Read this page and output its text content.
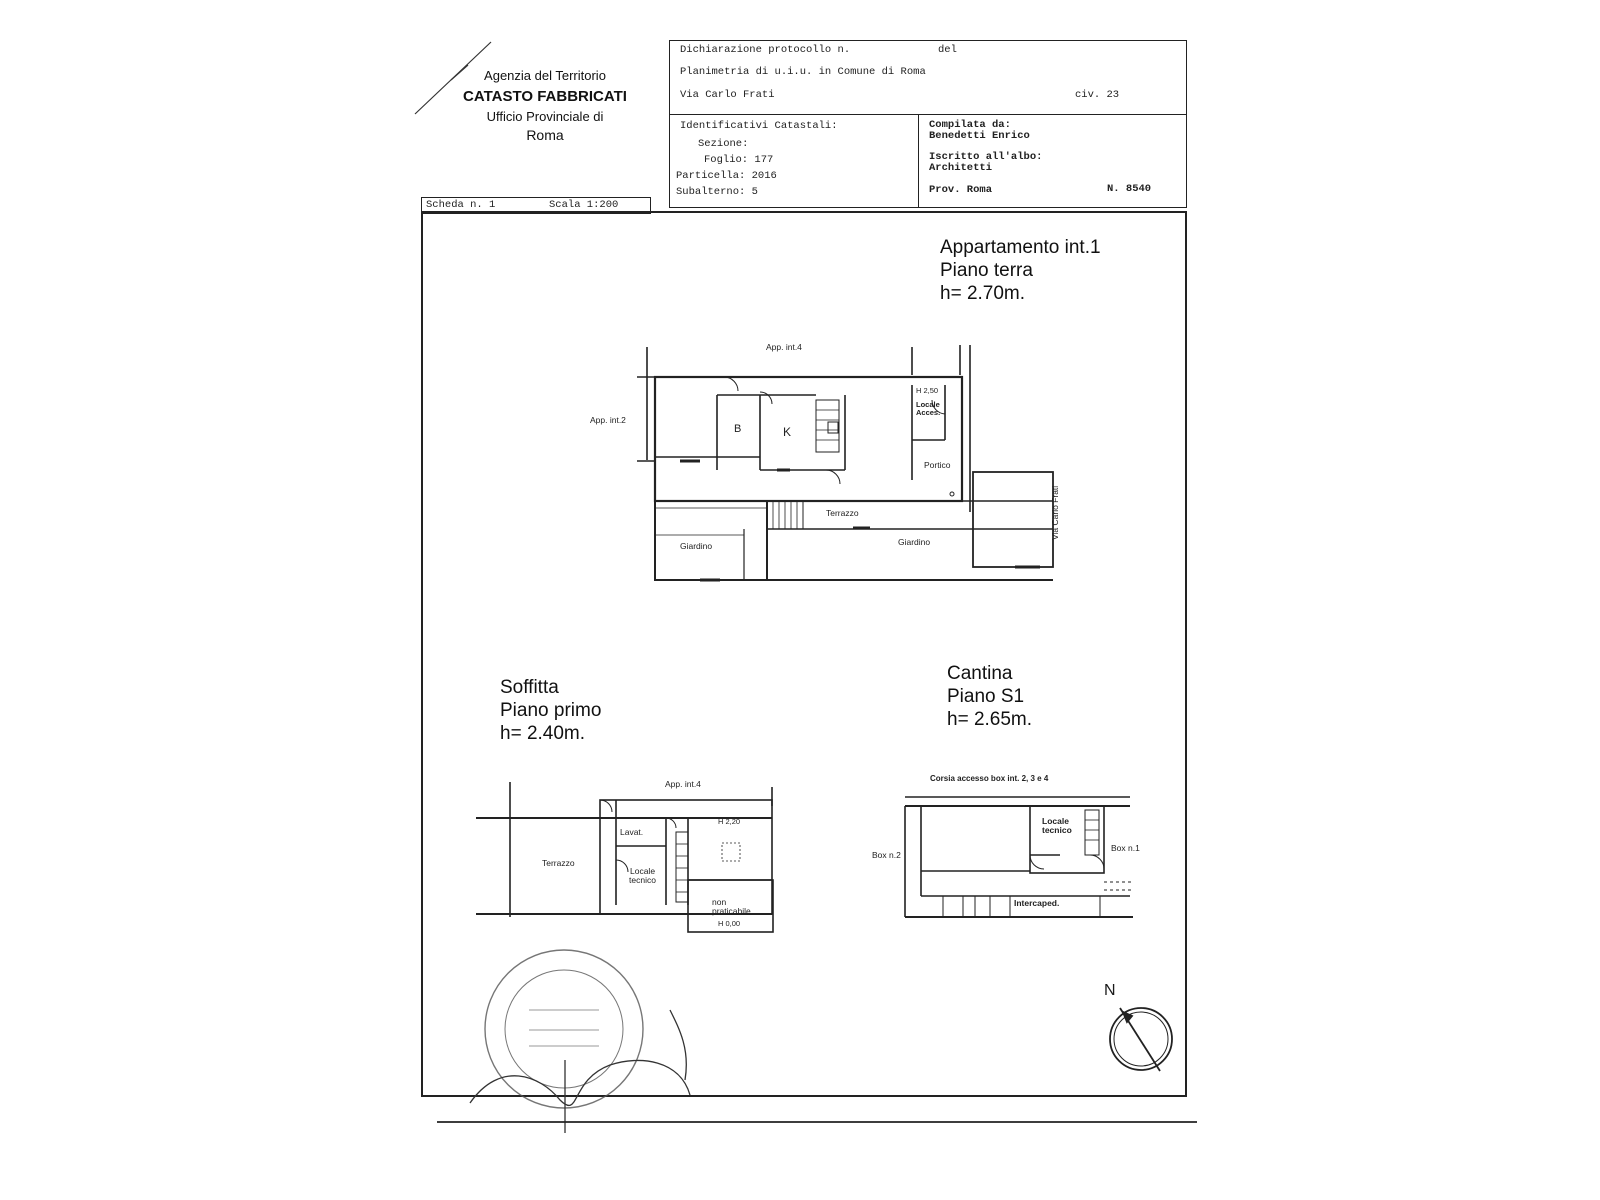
Agenzia del Territorio
CATASTO FABBRICATI
Ufficio Provinciale di
Roma
Dichiarazione protocollo n.	del
Planimetria di u.i.u. in Comune di Roma
Via Carlo Frati	civ. 23
Identificativi Catastali:
Sezione:
Foglio: 177
Particella: 2016
Subalterno: 5
Compilata da:
Benedetti Enrico
Iscritto all'albo:
Architetti
Prov. Roma	N. 8540
Scheda n. 1	Scala 1:200
Appartamento int.1
Piano terra
h= 2.70m.
Soffitta
Piano primo
h= 2.40m.
Cantina
Piano S1
h= 2.65m.
App. int.4
App. int.2
B	K
H 2,50
Locale
Acces.
Portico
Terrazzo
Giardino	Giardino
Via Carlo Frati
App. int.4
Lavat.
H 2,20
Terrazzo
Locale
tecnico
non
praticabile
H 0,00
Corsia accesso box int. 2, 3 e 4
Box n.2
Box n.1
Locale
tecnico
Intercaped.
N
